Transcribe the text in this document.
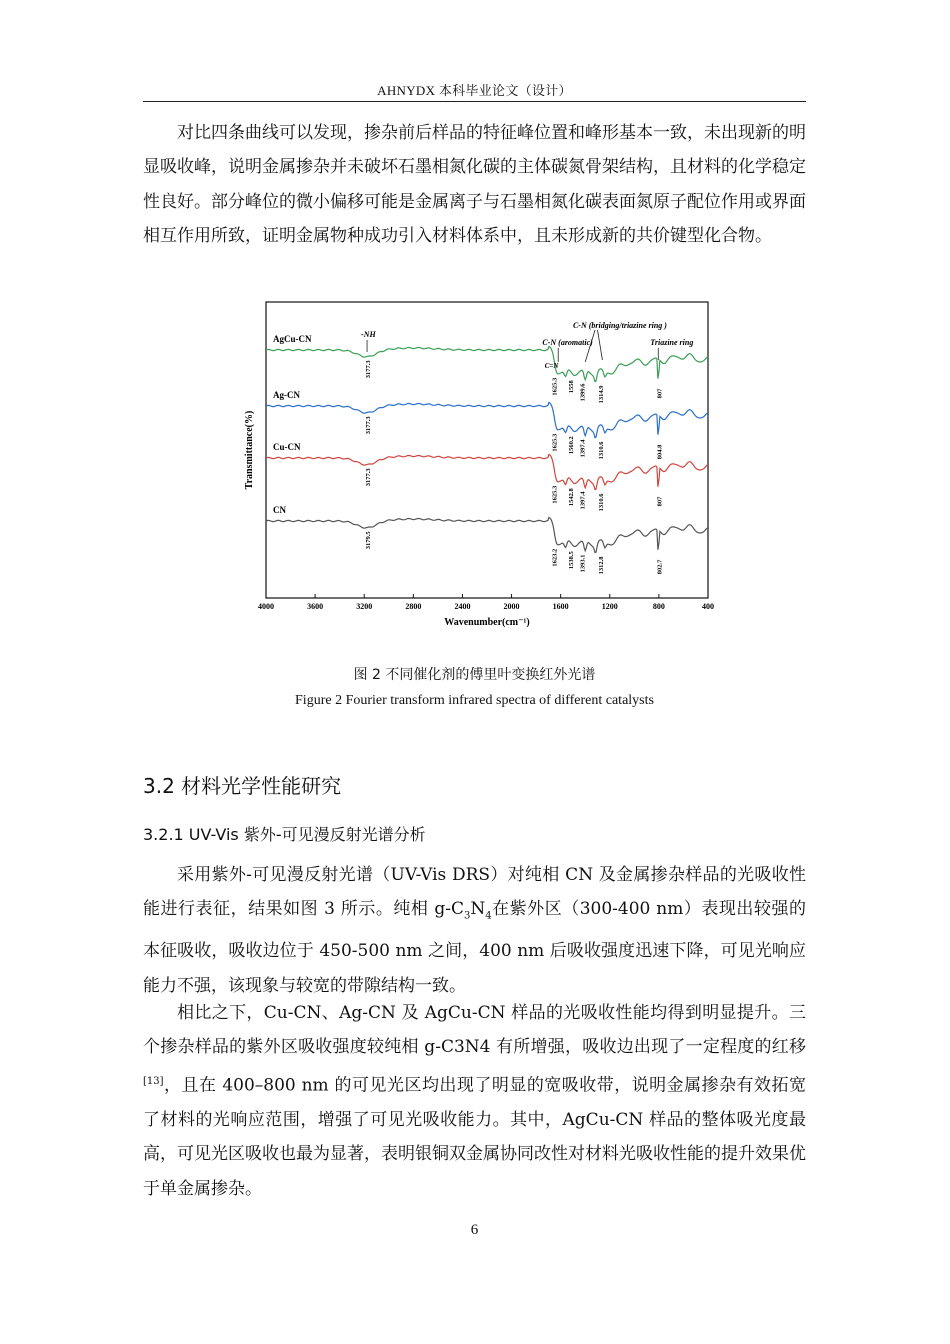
AHNYDX 本科毕业论文（设计）

对比四条曲线可以发现，掺杂前后样品的特征峰位置和峰形基本一致，未出现新的明显吸收峰，说明金属掺杂并未破坏石墨相氮化碳的主体碳氮骨架结构，且材料的化学稳定性良好。部分峰位的微小偏移可能是金属离子与石墨相氮化碳表面氮原子配位作用或界面相互作用所致，证明金属物种成功引入材料体系中，且未形成新的共价键型化合物。

Transmittance(%)
Wavenumber(cm⁻¹)
4000	3600	3200	2800	2400	2000	1600	1200	800	400
AgCu-CN
Ag-CN
Cu-CN
CN
3177.3
1625.3 1558 1399.6 1314.9	807
3177.3
1625.3 1560.2 1397.4 1310.6	804.8
3177.3
1625.3 1542.8 1397.4 1310.6	807
3179.5
1623.2 1538.5 1393.1 1312.8	802.7
-NH
C-N (bridging/triazine ring )
C-N (aromatic)
C=N
Triazine ring
图 2 不同催化剂的傅里叶变换红外光谱
Figure 2 Fourier transform infrared spectra of different catalysts
3.2 材料光学性能研究
3.2.1 UV-Vis 紫外-可见漫反射光谱分析

采用紫外-可见漫反射光谱（UV-Vis DRS）对纯相 CN 及金属掺杂样品的光吸收性能进行表征，结果如图 3 所示。纯相 $g-C_3N_4$在紫外区（300-400 nm）表现出较强的本征吸收，吸收边位于 450-500 nm 之间，400 nm 后吸收强度迅速下降，可见光响应能力不强，该现象与较宽的带隙结构一致。

相比之下，Cu-CN、Ag-CN 及 AgCu-CN 样品的光吸收性能均得到明显提升。三个掺杂样品的紫外区吸收强度较纯相 g-C3N4 有所增强，吸收边出现了一定程度的红移[13]，且在 400–800 nm 的可见光区均出现了明显的宽吸收带，说明金属掺杂有效拓宽了材料的光响应范围，增强了可见光吸收能力。其中，AgCu-CN 样品的整体吸光度最高，可见光区吸收也最为显著，表明银铜双金属协同改性对材料光吸收性能的提升效果优于单金属掺杂。

6
